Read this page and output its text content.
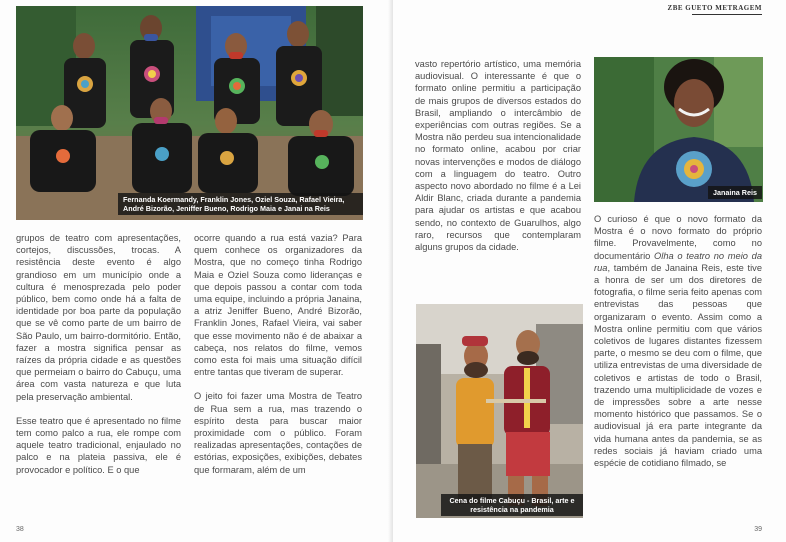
Fernanda Koermandy, Franklin Jones, Oziel Souza, Rafael Vieira,
André Bizorão, Jeniffer Bueno, Rodrigo Maia e Janai na Reis

grupos de teatro com apresentações, cortejos, discussões, trocas. A resistência deste evento é algo grandioso em um município onde a cultura é menosprezada pelo poder público, bem como onde há a falta de identidade por boa parte da população que se vê como parte de um bairro de São Paulo, um bairro-dormitório. Então, fazer a mostra significa pensar as raízes da própria cidade e as questões que permeiam o bairro do Cabuçu, uma área com vasta natureza e que luta pela preservação ambiental.

Esse teatro que é apresentado no filme tem como palco a rua, ele rompe com aquele teatro tradicional, enjaulado no palco e na plateia passiva, ele é provocador e político. E o que

ocorre quando a rua está vazia? Para quem conhece os organizadores da Mostra, que no começo tinha Rodrigo Maia e Oziel Souza como lideranças e que depois passou a contar com toda uma equipe, incluindo a própria Janaina, a atriz Jeniffer Bueno, André Bizorão, Franklin Jones, Rafael Vieira, vai saber que esse movimento não é de abaixar a cabeça, nos relatos do filme, vemos como esta foi mais uma situação difícil entre tantas que tiveram de superar.

O jeito foi fazer uma Mostra de Teatro de Rua sem a rua, mas trazendo o espírito desta para buscar maior proximidade com o público. Foram realizadas apresentações, contações de estórias, exposições, exibições, debates que formaram, além de um

38
ZBE GUETO METRAGEM

vasto repertório artístico, uma memória audiovisual. O interessante é que o formato online permitiu a participação de mais grupos de diversos estados do Brasil, ampliando o intercâmbio de experiências com outras regiões. Se a Mostra não perdeu sua intencionalidade no formato online, acabou por criar novas intervenções e modos de diálogo com a linguagem do teatro. Outro aspecto novo abordado no filme é a Lei Aldir Blanc, criada durante a pandemia para ajudar os artistas e que acabou sendo, no contexto de Guarulhos, algo raro, recursos que contemplaram alguns grupos da cidade.

Janaina Reis
Cena do filme Cabuçu - Brasil, arte e
resistência na pandemia

O curioso é que o novo formato da Mostra é o novo formato do próprio filme. Provavelmente, como no documentário Olha o teatro no meio da rua, também de Janaina Reis, este tive a honra de ser um dos diretores de fotografia, o filme seria feito apenas com entrevistas das pessoas que organizaram o evento. Assim como a Mostra online permitiu com que vários coletivos de lugares distantes fizessem parte, o mesmo se deu com o filme, que utiliza entrevistas de uma diversidade de coletivos e artistas de todo o Brasil, trazendo uma multiplicidade de vozes e de impressões sobre a arte nesse momento histórico que passamos. Se o audiovisual já era parte integrante da vida humana antes da pandemia, se as redes sociais já haviam criado uma espécie de cotidiano filmado, se

39
